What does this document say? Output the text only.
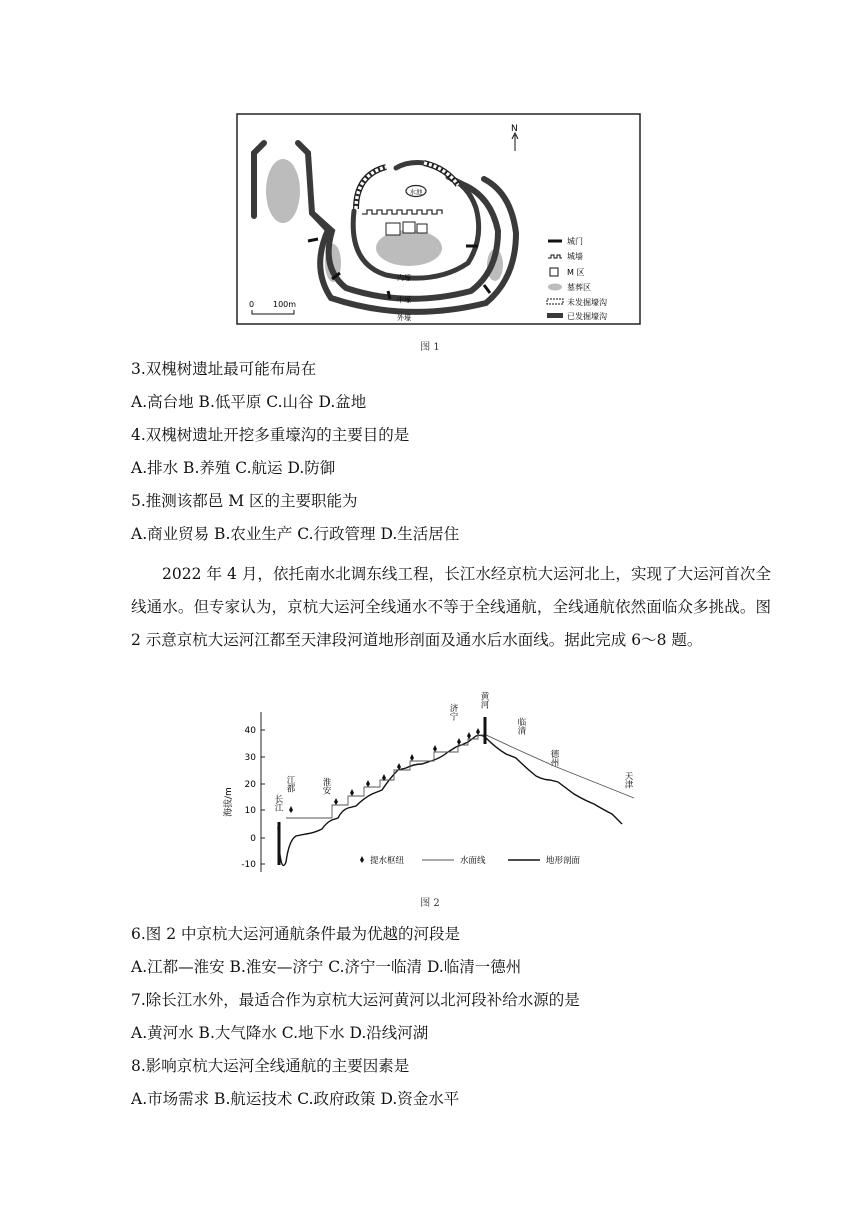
水池
内壕
中壕
外壕
N
0 100m
城门
城墙
M 区
墓葬区
未发掘壕沟
已发掘壕沟
图 1
3.双槐树遗址最可能布局在
A.高台地 B.低平原 C.山谷 D.盆地
4.双槐树遗址开挖多重壕沟的主要目的是
A.排水 B.养殖 C.航运 D.防御
5.推测该都邑 M 区的主要职能为
A.商业贸易 B.农业生产 C.行政管理 D.生活居住

2022 年 4 月，依托南水北调东线工程，长江水经京杭大运河北上，实现了大运河首次全线通水。但专家认为，京杭大运河全线通水不等于全线通航，全线通航依然面临众多挑战。图 2 示意京杭大运河江都至天津段河道地形剖面及通水后水面线。据此完成 6～8 题。

40
30
20
10
0
-10
海拔/m	长江
江都	淮安
济宁
黄河
临清
德州
天津
提水枢纽	水面线	地形剖面
图 2
6.图 2 中京杭大运河通航条件最为优越的河段是
A.江都—淮安 B.淮安—济宁 C.济宁一临清 D.临清一德州
7.除长江水外，最适合作为京杭大运河黄河以北河段补给水源的是
A.黄河水 B.大气降水 C.地下水 D.沿线河湖
8.影响京杭大运河全线通航的主要因素是
A.市场需求 B.航运技术 C.政府政策 D.资金水平
